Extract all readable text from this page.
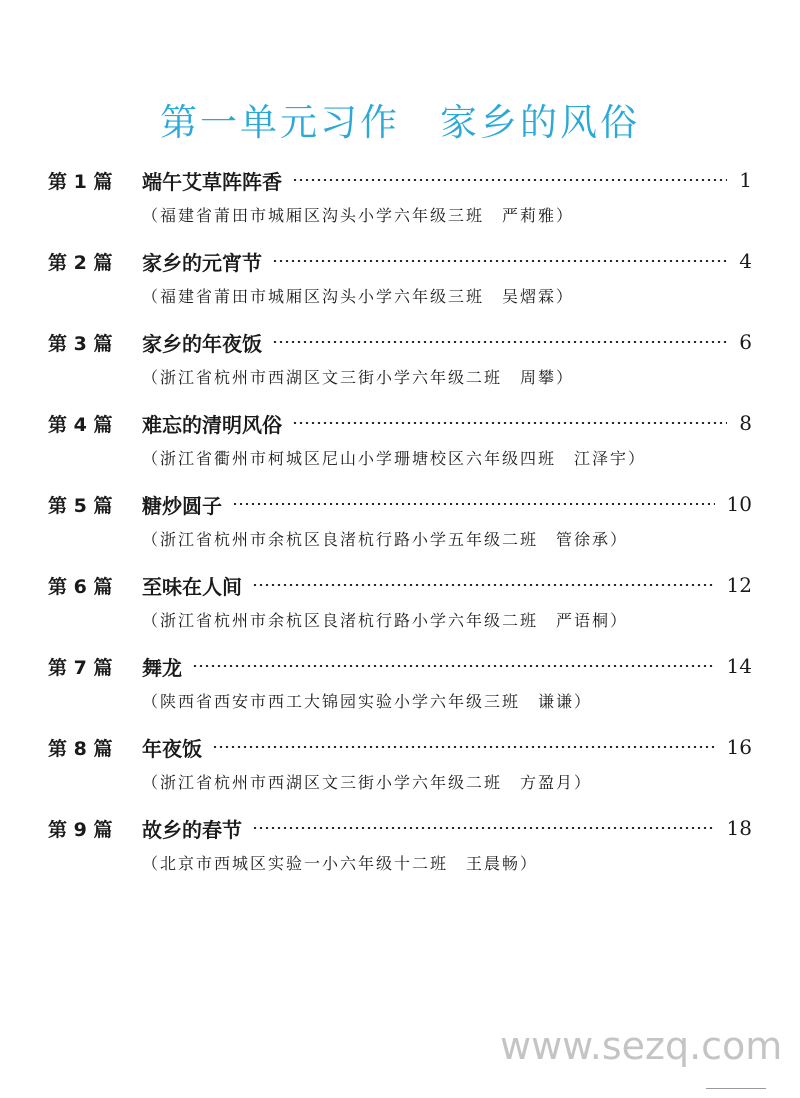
第一单元习作　家乡的风俗
第 1 篇	端午艾草阵阵香	1
（福建省莆田市城厢区沟头小学六年级三班　严莉雅）
第 2 篇	家乡的元宵节	4
（福建省莆田市城厢区沟头小学六年级三班　吴熠霖）
第 3 篇	家乡的年夜饭	6
（浙江省杭州市西湖区文三街小学六年级二班　周攀）
第 4 篇	难忘的清明风俗	8
（浙江省衢州市柯城区尼山小学珊塘校区六年级四班　江泽宇）
第 5 篇	糖炒圆子	10
（浙江省杭州市余杭区良渚杭行路小学五年级二班　管徐承）
第 6 篇	至味在人间	12
（浙江省杭州市余杭区良渚杭行路小学六年级二班　严语桐）
第 7 篇	舞龙	14
（陕西省西安市西工大锦园实验小学六年级三班　谦谦）
第 8 篇	年夜饭	16
（浙江省杭州市西湖区文三街小学六年级二班　方盈月）
第 9 篇	故乡的春节	18
（北京市西城区实验一小六年级十二班　王晨畅）
www.sezq.com
